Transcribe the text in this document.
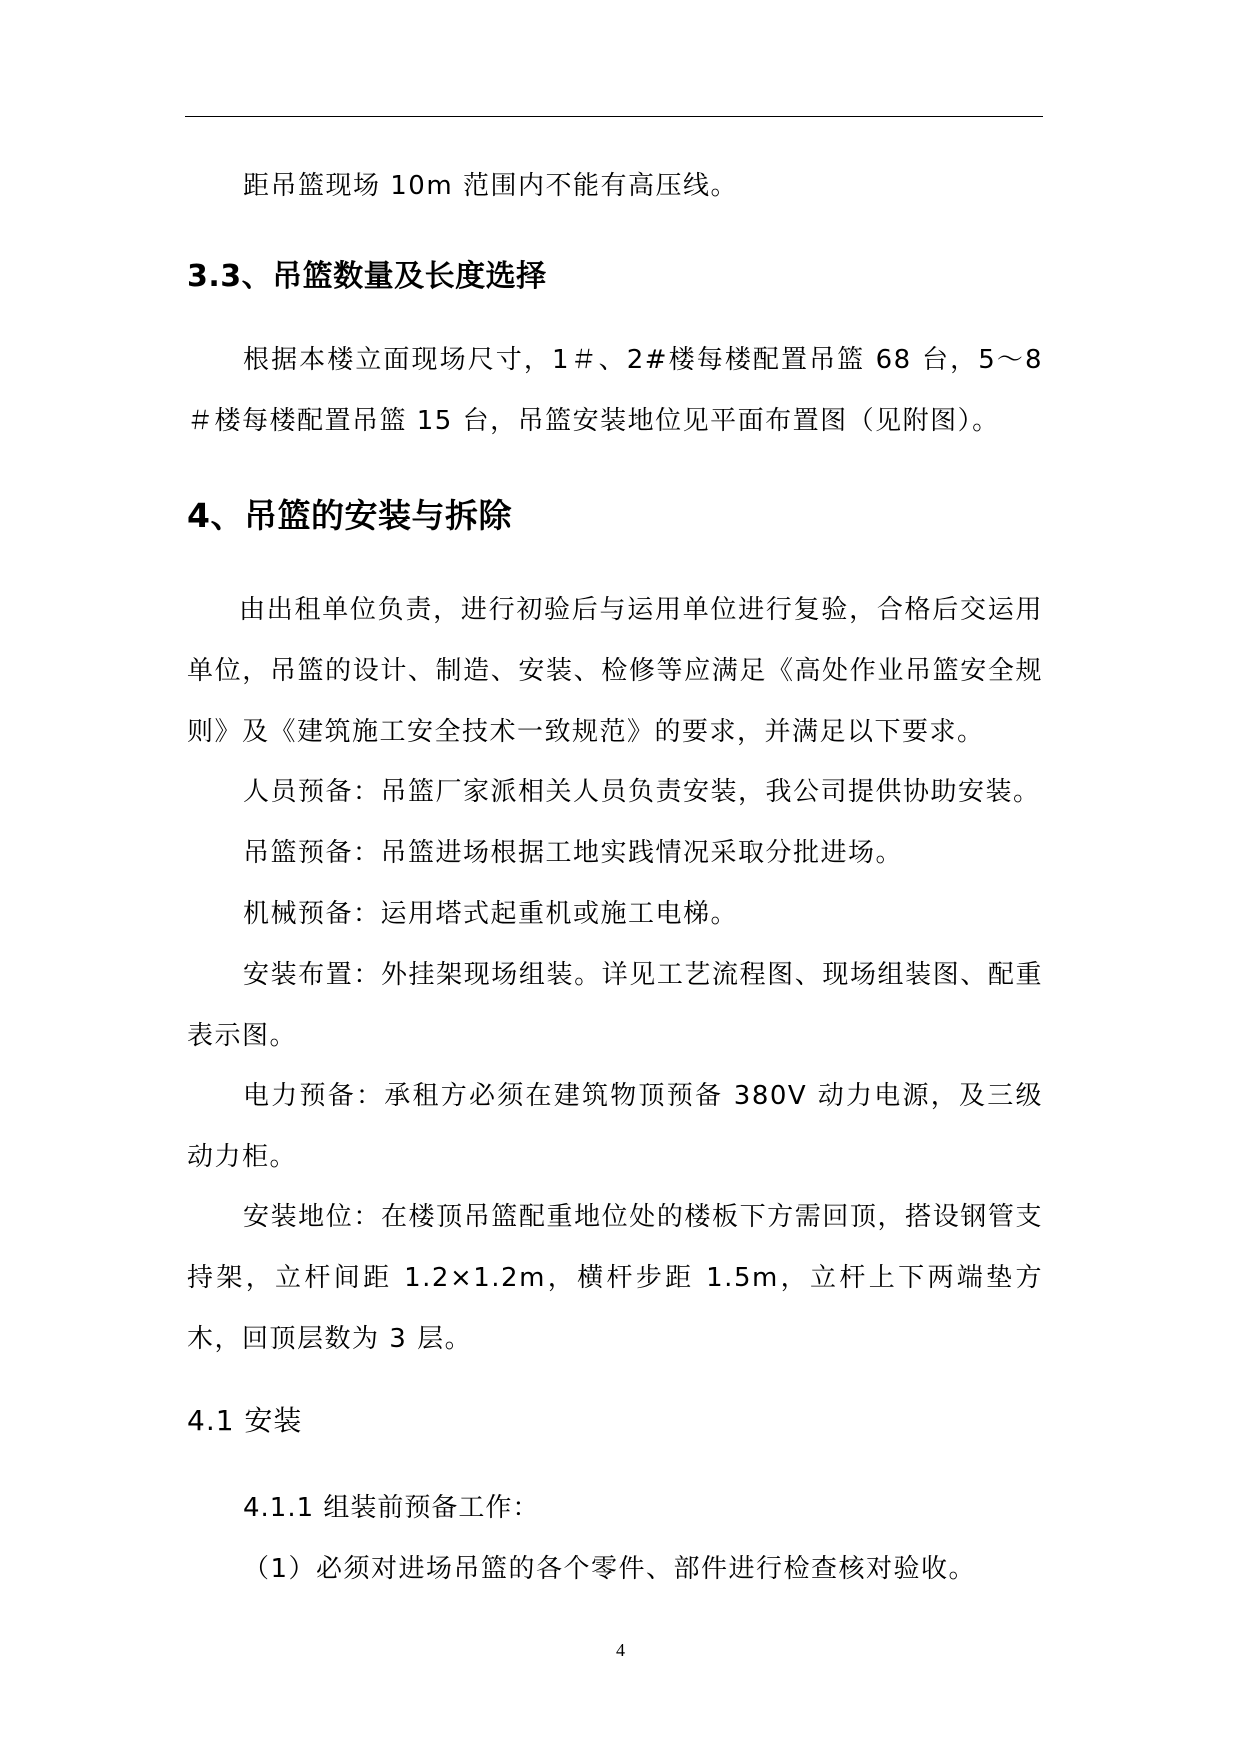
距吊篮现场 10m 范围内不能有高压线。

3.3、吊篮数量及长度选择

根据本楼立面现场尺寸，1＃、2#楼每楼配置吊篮 68 台，5～8＃楼每楼配置吊篮 15 台，吊篮安装地位见平面布置图（见附图）。

4、吊篮的安装与拆除

由出租单位负责，进行初验后与运用单位进行复验，合格后交运用单位，吊篮的设计、制造、安装、检修等应满足《高处作业吊篮安全规则》及《建筑施工安全技术一致规范》的要求，并满足以下要求。

人员预备：吊篮厂家派相关人员负责安装，我公司提供协助安装。

吊篮预备：吊篮进场根据工地实践情况采取分批进场。

机械预备：运用塔式起重机或施工电梯。

安装布置：外挂架现场组装。详见工艺流程图、现场组装图、配重表示图。

电力预备：承租方必须在建筑物顶预备 380V 动力电源，及三级动力柜。

安装地位：在楼顶吊篮配重地位处的楼板下方需回顶，搭设钢管支持架，立杆间距 1.2×1.2m，横杆步距 1.5m，立杆上下两端垫方木，回顶层数为 3 层。

4.1 安装
4.1.1 组装前预备工作：
（1）必须对进场吊篮的各个零件、部件进行检查核对验收。
4
